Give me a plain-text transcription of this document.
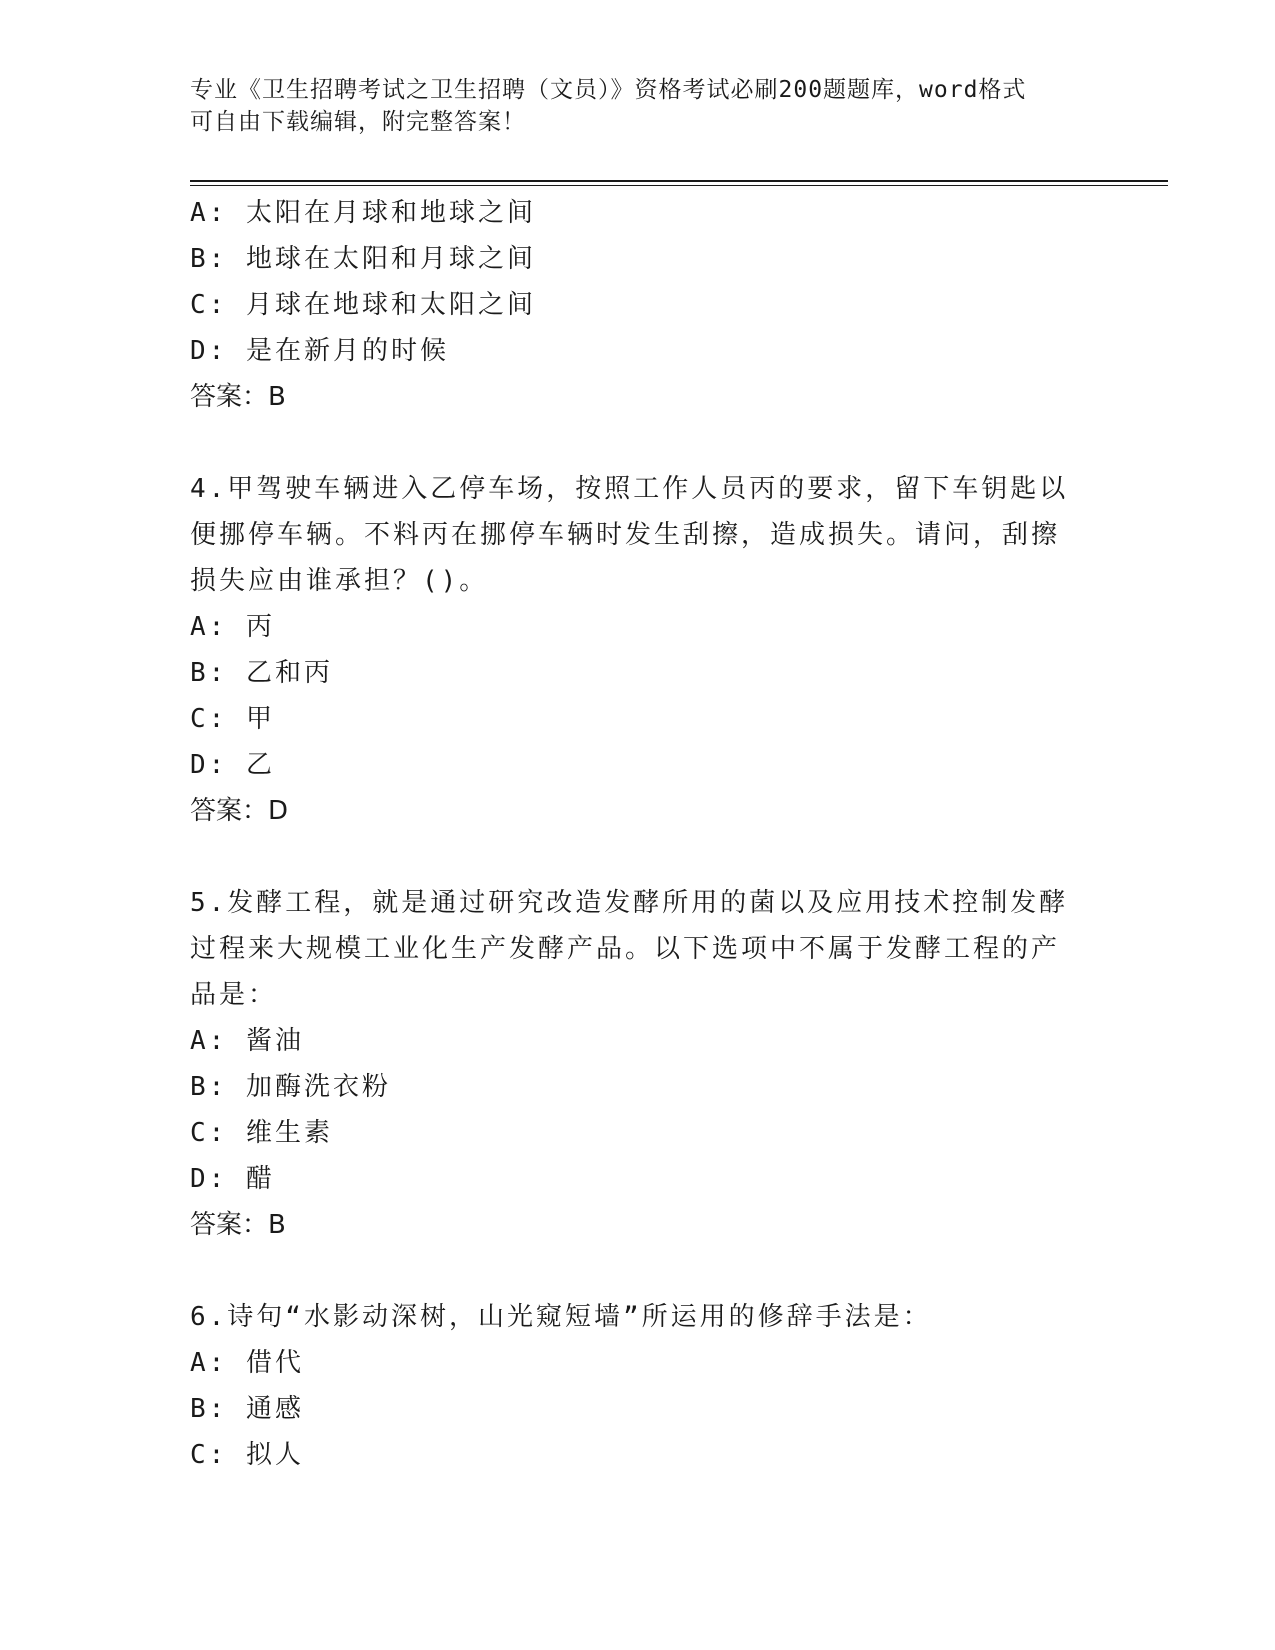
专业《卫生招聘考试之卫生招聘（文员）》资格考试必刷200题题库，word格式
可自由下载编辑，附完整答案！
A: 太阳在月球和地球之间
B: 地球在太阳和月球之间
C: 月球在地球和太阳之间
D: 是在新月的时候
答案：B
4.甲驾驶车辆进入乙停车场，按照工作人员丙的要求，留下车钥匙以
便挪停车辆。不料丙在挪停车辆时发生刮擦，造成损失。请问，刮擦
损失应由谁承担？()。
A: 丙
B: 乙和丙
C: 甲
D: 乙
答案：D
5.发酵工程，就是通过研究改造发酵所用的菌以及应用技术控制发酵
过程来大规模工业化生产发酵产品。以下选项中不属于发酵工程的产
品是：
A: 酱油
B: 加酶洗衣粉
C: 维生素
D: 醋
答案：B
6.诗句“水影动深树，山光窥短墙”所运用的修辞手法是：
A: 借代
B: 通感
C: 拟人
